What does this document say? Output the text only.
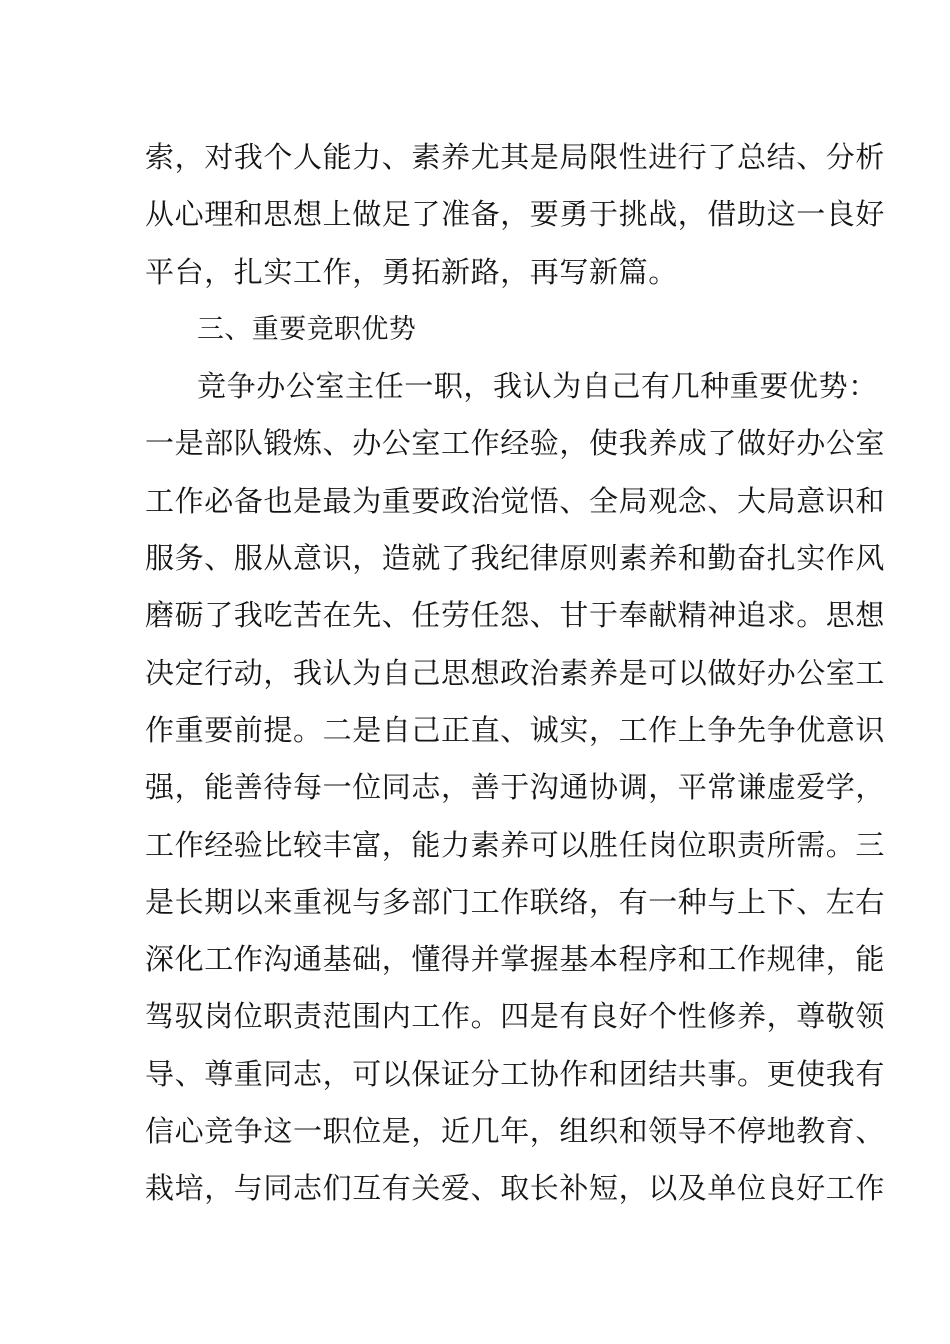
索，对我个人能力、素养尤其是局限性进行了总结、分析
从心理和思想上做足了准备，要勇于挑战，借助这一良好
平台，扎实工作，勇拓新路，再写新篇。
三、重要竞职优势
竞争办公室主任一职，我认为自己有几种重要优势：
一是部队锻炼、办公室工作经验，使我养成了做好办公室
工作必备也是最为重要政治觉悟、全局观念、大局意识和
服务、服从意识，造就了我纪律原则素养和勤奋扎实作风
磨砺了我吃苦在先、任劳任怨、甘于奉献精神追求。思想
决定行动，我认为自己思想政治素养是可以做好办公室工
作重要前提。二是自己正直、诚实，工作上争先争优意识
强，能善待每一位同志，善于沟通协调，平常谦虚爱学，
工作经验比较丰富，能力素养可以胜任岗位职责所需。三
是长期以来重视与多部门工作联络，有一种与上下、左右
深化工作沟通基础，懂得并掌握基本程序和工作规律，能
驾驭岗位职责范围内工作。四是有良好个性修养，尊敬领
导、尊重同志，可以保证分工协作和团结共事。更使我有
信心竞争这一职位是，近几年，组织和领导不停地教育、
栽培，与同志们互有关爱、取长补短，以及单位良好工作
